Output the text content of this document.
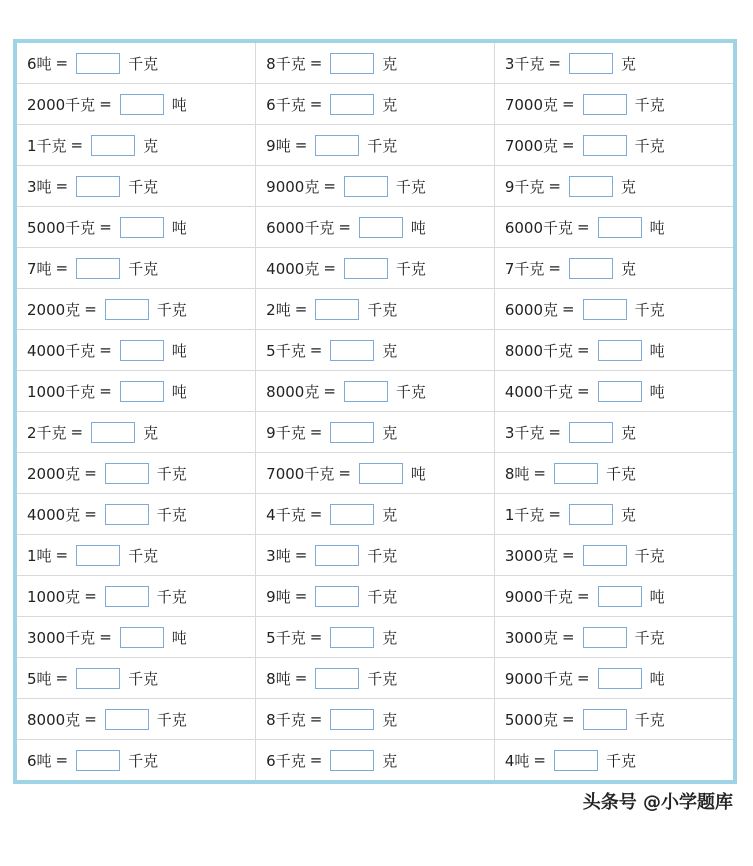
6吨 = 千克	8千克 = 克	3千克 = 克
2000千克 = 吨	6千克 = 克	7000克 = 千克
1千克 = 克	9吨 = 千克	7000克 = 千克
3吨 = 千克	9000克 = 千克	9千克 = 克
5000千克 = 吨	6000千克 = 吨	6000千克 = 吨
7吨 = 千克	4000克 = 千克	7千克 = 克
2000克 = 千克	2吨 = 千克	6000克 = 千克
4000千克 = 吨	5千克 = 克	8000千克 = 吨
1000千克 = 吨	8000克 = 千克	4000千克 = 吨
2千克 = 克	9千克 = 克	3千克 = 克
2000克 = 千克	7000千克 = 吨	8吨 = 千克
4000克 = 千克	4千克 = 克	1千克 = 克
1吨 = 千克	3吨 = 千克	3000克 = 千克
1000克 = 千克	9吨 = 千克	9000千克 = 吨
3000千克 = 吨	5千克 = 克	3000克 = 千克
5吨 = 千克	8吨 = 千克	9000千克 = 吨
8000克 = 千克	8千克 = 克	5000克 = 千克
6吨 = 千克	6千克 = 克	4吨 = 千克
头条号 @小学题库
